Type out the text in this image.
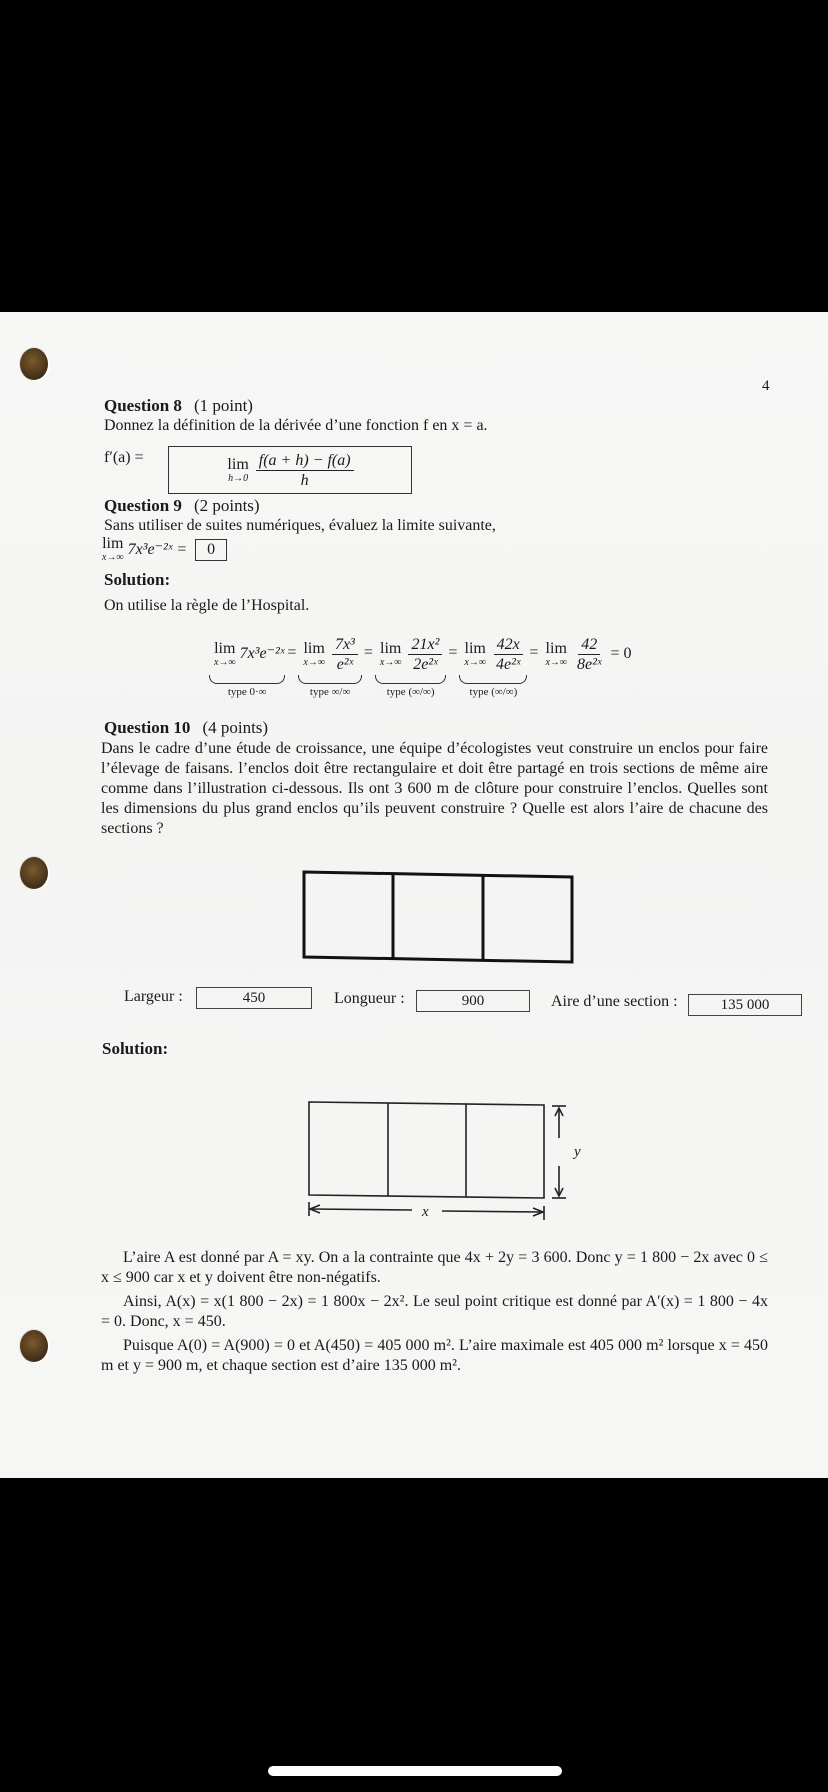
4
Question 8 (1 point)
Donnez la définition de la dérivée d’une fonction f en x = a.
f′(a) =	lim
$h\to 0 \frac{f(a + h) - f(a)}{h}$
Question 9 (2 points)
Sans utiliser de suites numériques, évaluez la limite suivante,
lim
x→∞ 7x³e⁻²ˣ =	0
Solution:
On utilise la règle de l’Hospital.
lim
x→∞ 7x³e⁻²ˣ
type 0·∞
= lim
$x\to\infty \frac{\text{7x³}}{\text{e²ˣ}}$
type ∞/∞
= lim
$x\to\infty \frac{\text{21x²}}{\text{2e²ˣ}}$
type (∞/∞)
= lim
$x\to\infty \frac{42x}{\text{4e²ˣ}}$
type (∞/∞)
= lim
$x\to\infty \frac{42}{\text{8e²ˣ}} = 0$
Question 10 (4 points)
Dans le cadre d’une étude de croissance, une équipe d’écologistes veut construire un enclos pour faire l’élevage de faisans. l’enclos doit être rectangulaire et doit être partagé en trois sections de même aire comme dans l’illustration ci-dessous. Ils ont 3 600 m de clôture pour construire l’enclos. Quelles sont les dimensions du plus grand enclos qu’ils peuvent construire ? Quelle est alors l’aire de chacune des sections ?
Largeur :	450	Longueur :	900	Aire d’une section :	135 000
Solution:
y
x
L’aire A est donné par A = xy. On a la contrainte que 4x + 2y = 3 600. Donc y = 1 800 − 2x avec 0 ≤ x ≤ 900 car x et y doivent être non-négatifs.
Ainsi, A(x) = x(1 800 − 2x) = 1 800x − 2x². Le seul point critique est donné par A′(x) = 1 800 − 4x = 0. Donc, x = 450.
Puisque A(0) = A(900) = 0 et A(450) = 405 000 m². L’aire maximale est 405 000 m² lorsque x = 450 m et y = 900 m, et chaque section est d’aire 135 000 m².
